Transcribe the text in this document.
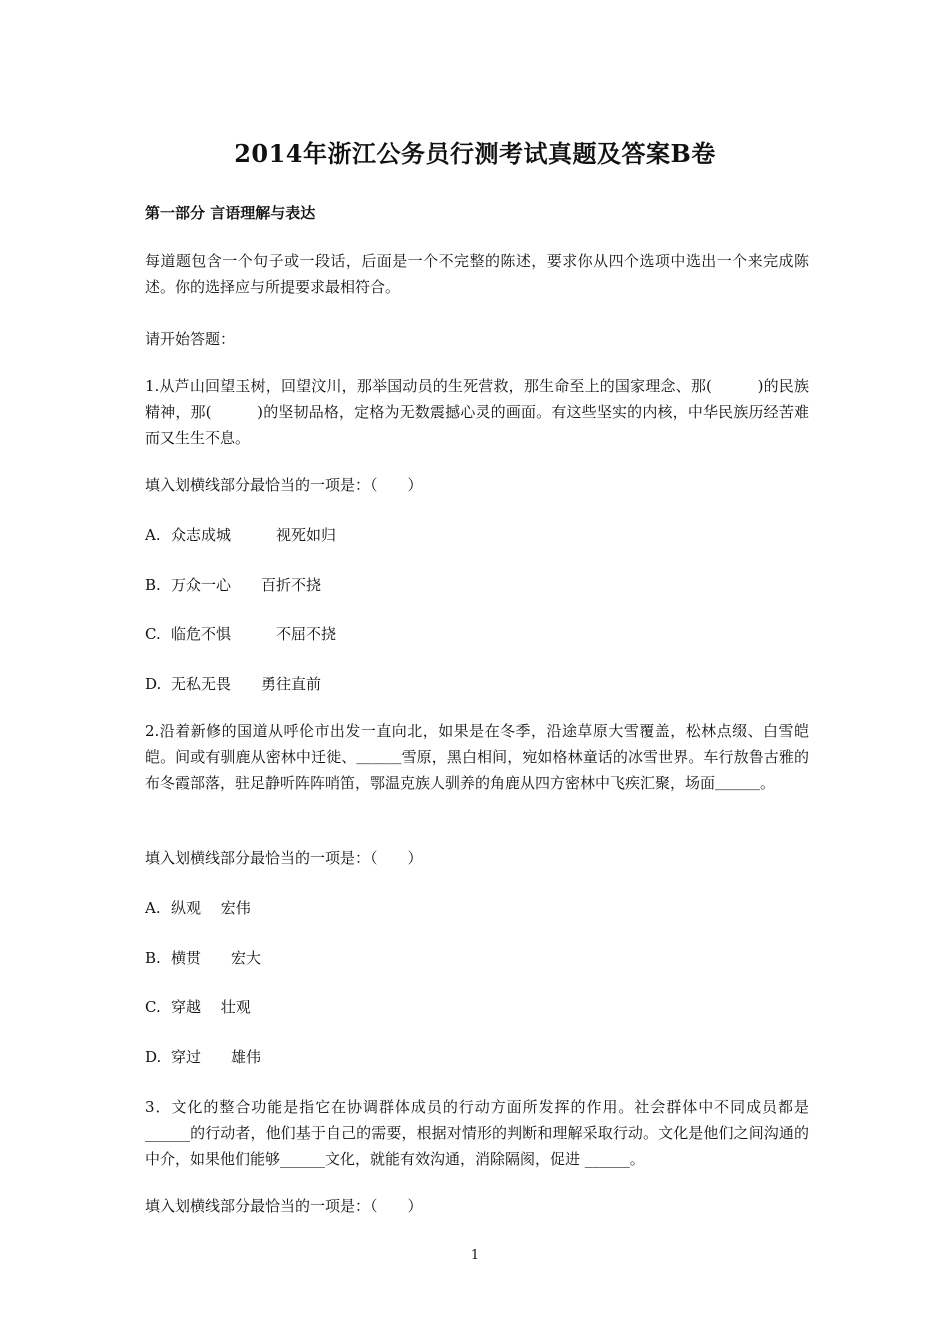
2014年浙江公务员行测考试真题及答案B卷
第一部分 言语理解与表达

每道题包含一个句子或一段话，后面是一个不完整的陈述，要求你从四个选项中选出一个来完成陈述。你的选择应与所提要求最相符合。

请开始答题：

1.从芦山回望玉树，回望汶川，那举国动员的生死营救，那生命至上的国家理念、那(　　　)的民族精神，那(　　　)的坚韧品格，定格为无数震撼心灵的画面。有这些坚实的内核，中华民族历经苦难而又生生不息。

填入划横线部分最恰当的一项是：（　　）

A. 众志成城　　　视死如归

B. 万众一心　　百折不挠

C. 临危不惧　　　不屈不挠

D. 无私无畏　　勇往直前

2.沿着新修的国道从呼伦市出发一直向北，如果是在冬季，沿途草原大雪覆盖，松林点缀、白雪皑皑。间或有驯鹿从密林中迁徙、＿＿＿雪原，黑白相间，宛如格林童话的冰雪世界。车行敖鲁古雅的布冬霞部落，驻足静听阵阵哨笛，鄂温克族人驯养的角鹿从四方密林中飞疾汇聚，场面＿＿＿。

填入划横线部分最恰当的一项是：（　　）

A. 纵观　 宏伟

B. 横贯　　宏大

C. 穿越　 壮观

D. 穿过　　雄伟

3．文化的整合功能是指它在协调群体成员的行动方面所发挥的作用。社会群体中不同成员都是______的行动者，他们基于自己的需要，根据对情形的判断和理解采取行动。文化是他们之间沟通的中介，如果他们能够______文化，就能有效沟通，消除隔阂，促进 ______。

填入划横线部分最恰当的一项是：（　　）

1
